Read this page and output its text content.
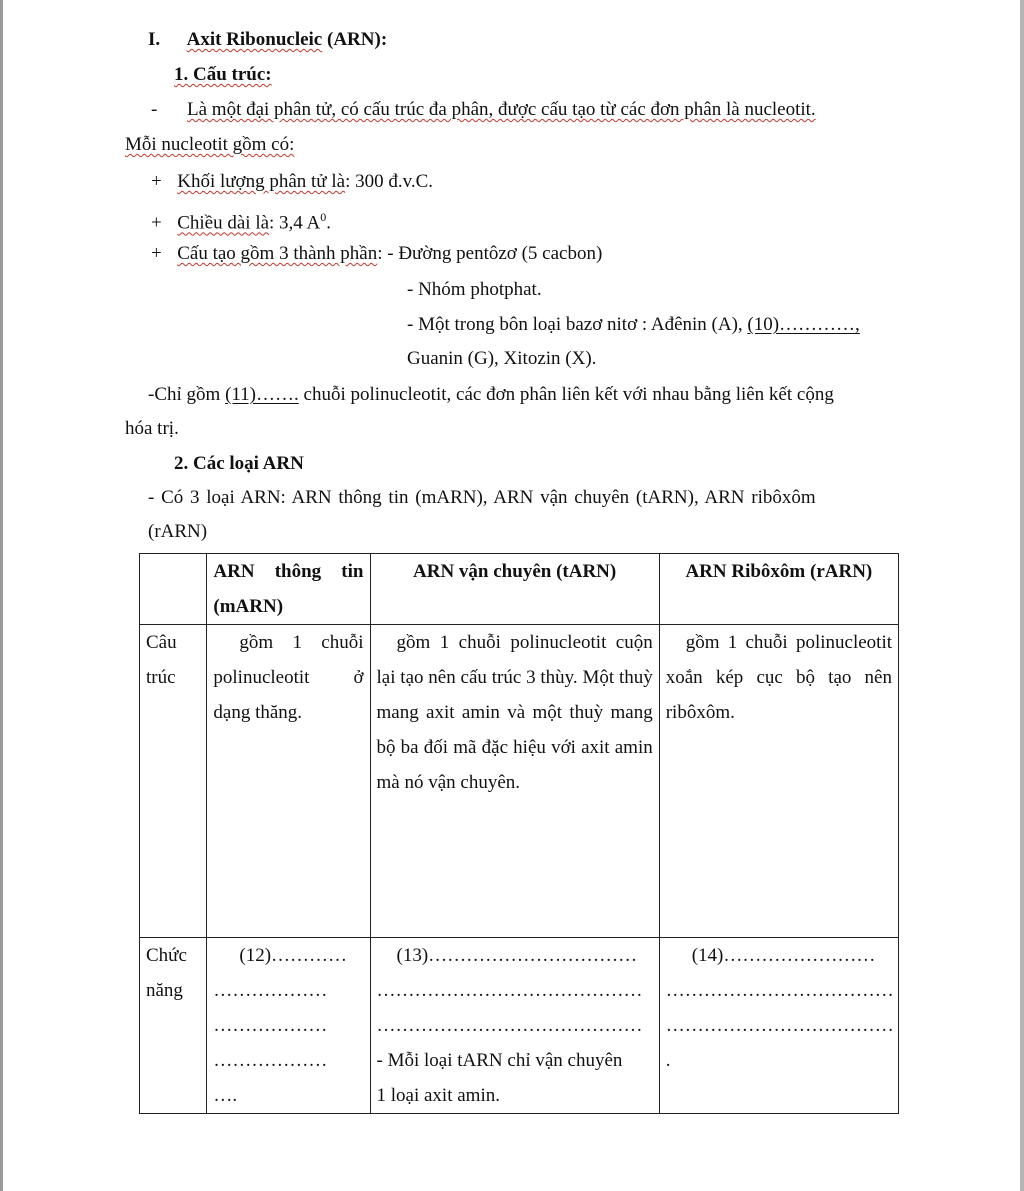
I. Axit Ribonucleic (ARN):
1. Cấu trúc:
- Là một đại phân tử, có cấu trúc đa phân, được cấu tạo từ các đơn phân là nucleotit.
Mỗi nucleotit gồm có:
+ Khối lượng phân tử là: 300 đ.v.C.
+ Chiều dài là: 3,4 $A^0$.
+ Cấu tạo gồm 3 thành phần: - Đường pentôzơ (5 cacbon)
- Nhóm photphat.
- Một trong bôn loại bazơ nitơ : Ađênin (A), (10)…………,
Guanin (G), Xitozin (X).
-Chỉ gồm (11)……. chuỗi polinucleotit, các đơn phân liên kết với nhau bằng liên kết cộng
hóa trị.
2. Các loại ARN
- Có 3 loại ARN: ARN thông tin (mARN), ARN vận chuyên (tARN), ARN ribôxôm
(rARN)
	ARN thông tin (mARN)	ARN vận chuyên (tARN)	ARN Ribôxôm (rARN)
Câu trúc	gồm 1 chuỗi polinucleotit ở dạng thăng.	gồm 1 chuỗi polinucleotit cuộn lại tạo nên cấu trúc 3 thùy. Một thuỳ mang axit amin và một thuỳ mang bộ ba đối mã đặc hiệu với axit amin mà nó vận chuyên.	gồm 1 chuỗi polinucleotit xoắn kép cục bộ tạo nên ribôxôm.
Chức năng	(12)…………
………………
………………
………………
….	(13)……………………………
……………………………………
……………………………………
- Mỗi loại tARN chỉ vận chuyên
1 loại axit amin.	(14)……………………
………………………………
………………………………
.
